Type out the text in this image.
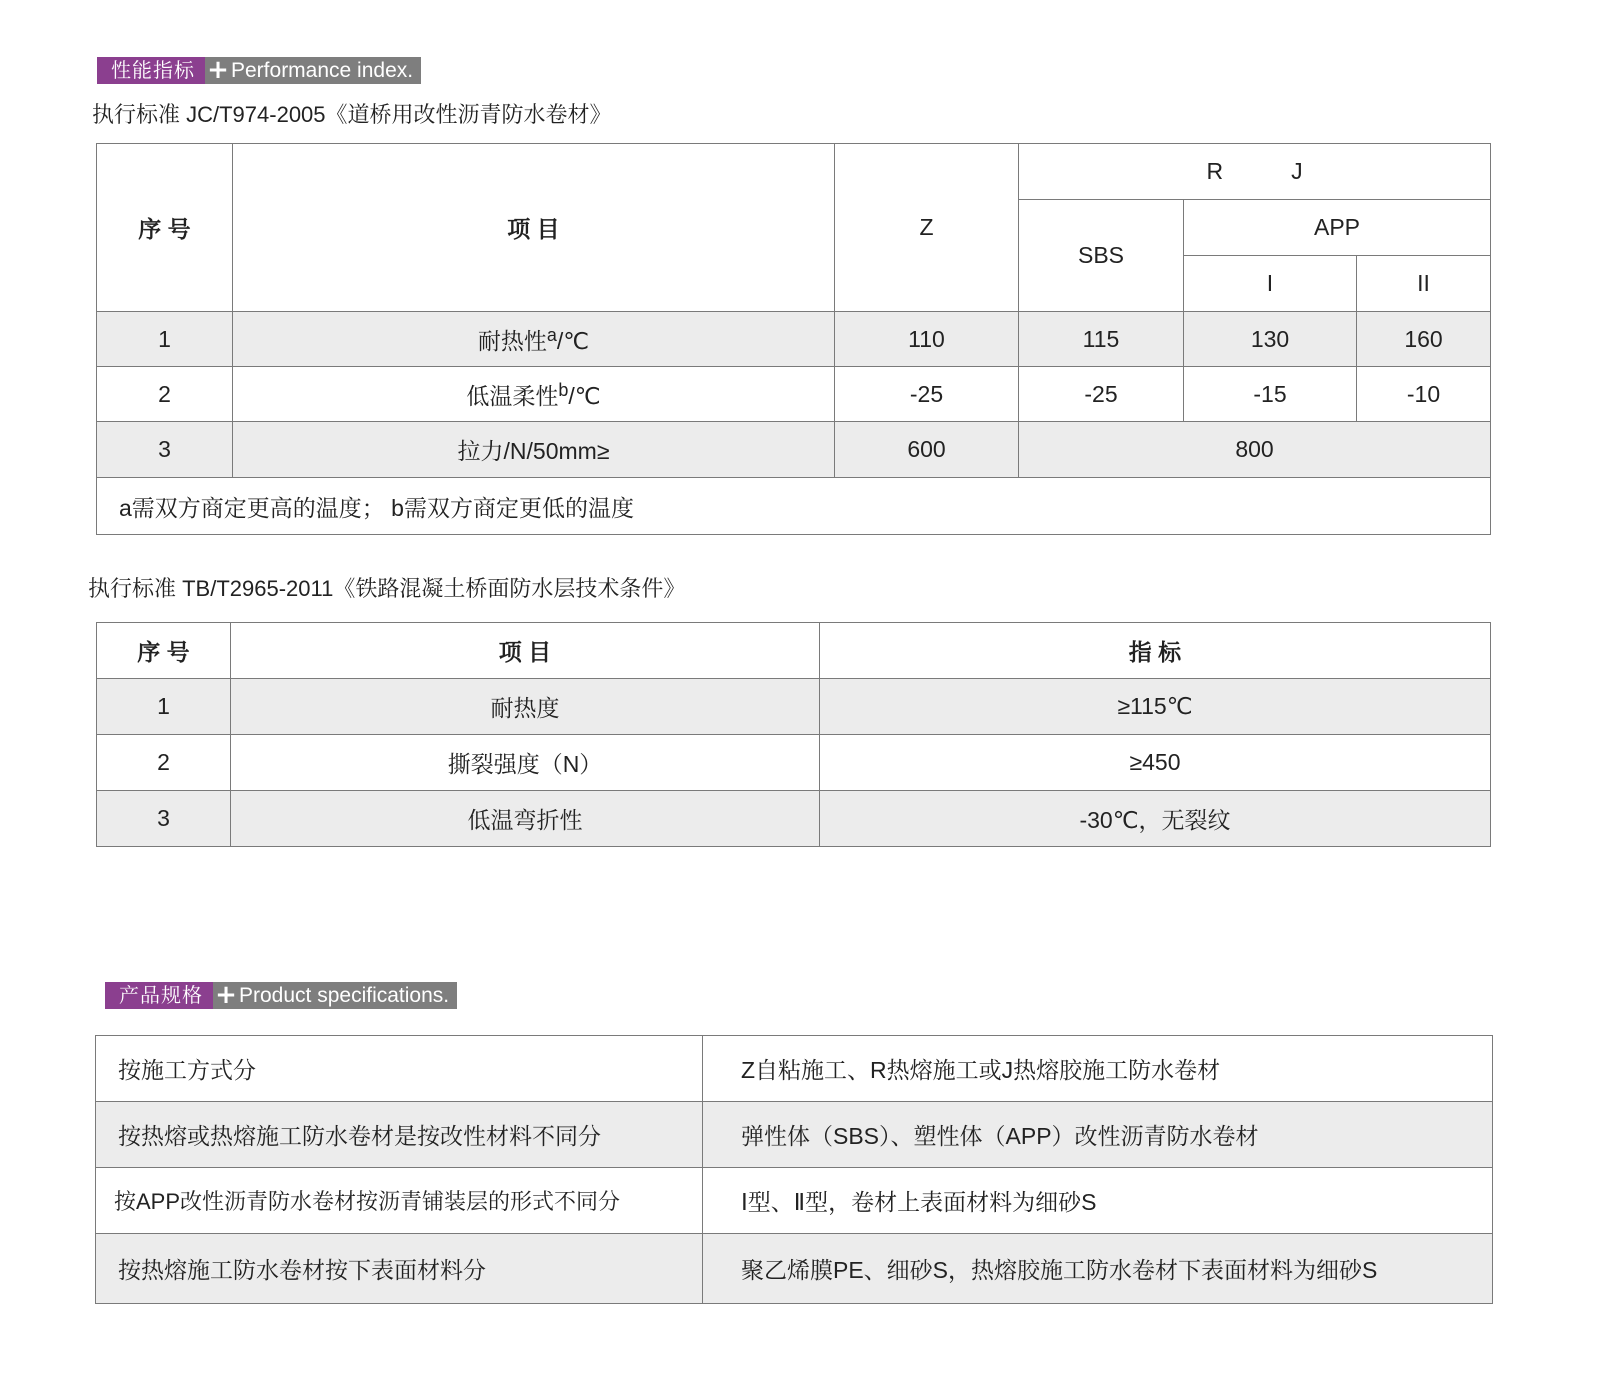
性能指标 + Performance index.
执行标准 JC/T974-2005《道桥用改性沥青防水卷材》
序 号	项 目	Z	R J		
			SBS	APP	
				I	II
1	耐热性$^a$/℃	110	115	130	160
2	低温柔性$^b$/℃	-25	-25	-15	-10
3	拉力/N/50mm≥	600	800		
a需双方商定更高的温度； b需双方商定更低的温度					
执行标准 TB/T2965-2011《铁路混凝土桥面防水层技术条件》
序 号	项 目	指 标
1	耐热度	≥115℃
2	撕裂强度（N）	≥450
3	低温弯折性	-30℃，无裂纹
产品规格 + Product specifications.
按施工方式分	Z自粘施工、R热熔施工或J热熔胶施工防水卷材
按热熔或热熔施工防水卷材是按改性材料不同分	弹性体（SBS）、塑性体（APP）改性沥青防水卷材
按APP改性沥青防水卷材按沥青铺装层的形式不同分	Ⅰ型、Ⅱ型，卷材上表面材料为细砂S
按热熔施工防水卷材按下表面材料分	聚乙烯膜PE、细砂S，热熔胶施工防水卷材下表面材料为细砂S
